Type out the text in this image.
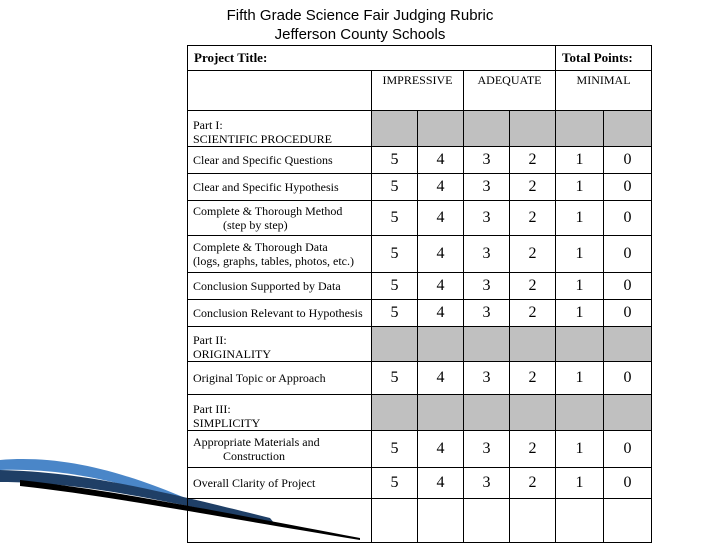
Fifth Grade Science Fair Judging Rubric
Jefferson County Schools
Project Title:					Total Points:	
	IMPRESSIVE		ADEQUATE		MINIMAL	

Part I:
SCIENTIFIC PROCEDURE						

Clear and Specific Questions	5	4	3	2	1	0
Clear and Specific Hypothesis	5	4	3	2	1	0
Complete & Thorough Method
(step by step)	5	4	3	2	1	0
Complete & Thorough Data
(logs, graphs, tables, photos, etc.)	5	4	3	2	1	0
Conclusion Supported by Data	5	4	3	2	1	0
Conclusion Relevant to Hypothesis	5	4	3	2	1	0

Part II:
ORIGINALITY						

Original Topic or Approach	5	4	3	2	1	0

Part III:
SIMPLICITY						

Appropriate Materials and
Construction	5	4	3	2	1	0
Overall Clarity of Project	5	4	3	2	1	0
